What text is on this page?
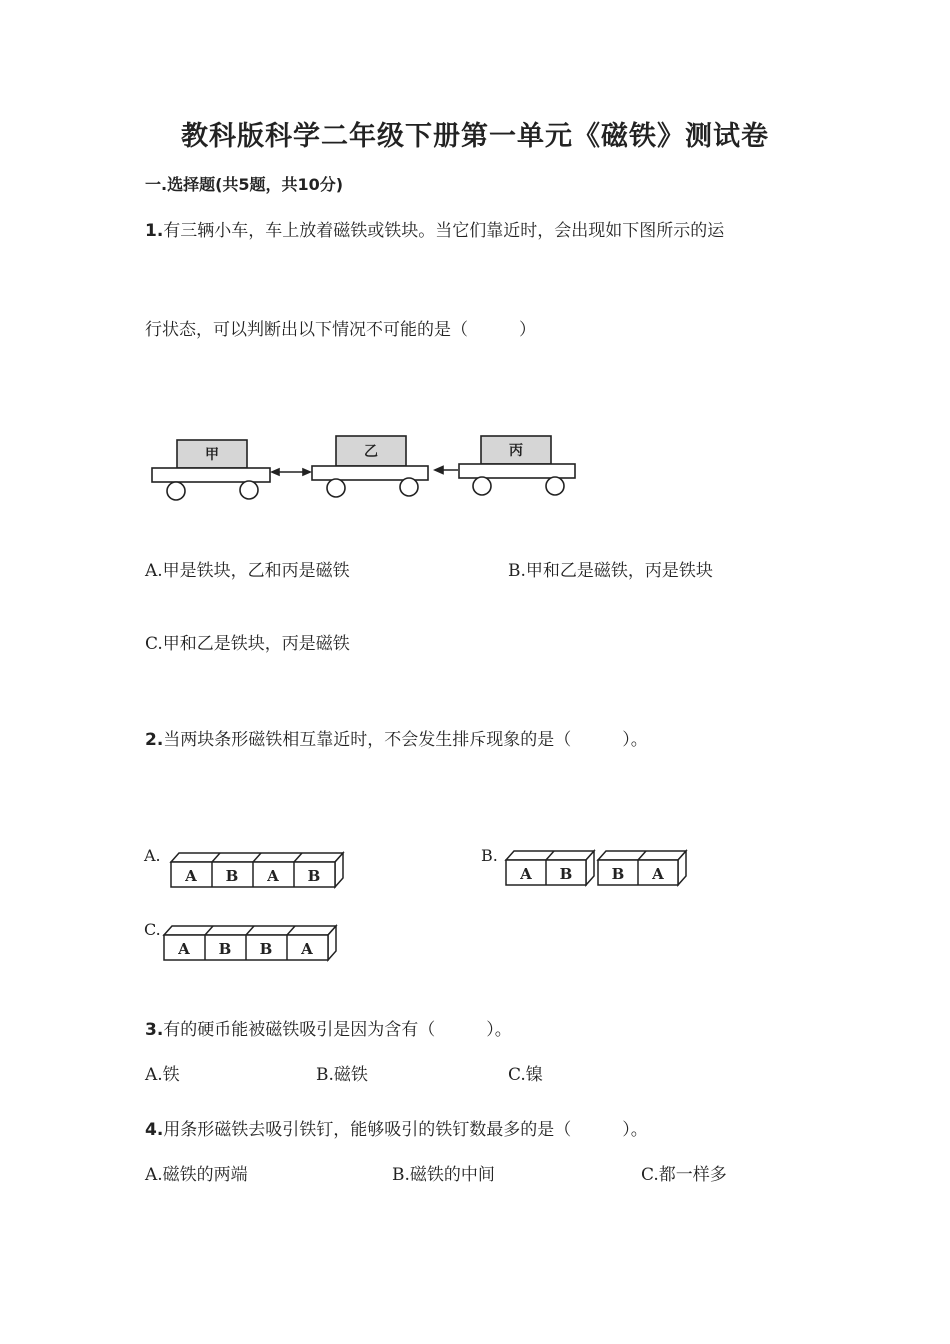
教科版科学二年级下册第一单元《磁铁》测试卷
一.选择题(共5题，共10分)
1.有三辆小车，车上放着磁铁或铁块。当它们靠近时，会出现如下图所示的运
行状态，可以判断出以下情况不可能的是（　　　）
甲	乙	丙
A.甲是铁块，乙和丙是磁铁	B.甲和乙是磁铁，丙是铁块
C.甲和乙是铁块，丙是磁铁
2.当两块条形磁铁相互靠近时，不会发生排斥现象的是（　　　）。
A.
A B A B
B.
A B	B A
C.
A B B A
3.有的硬币能被磁铁吸引是因为含有（　　　）。
A.铁	B.磁铁	C.镍
4.用条形磁铁去吸引铁钉，能够吸引的铁钉数最多的是（　　　）。
A.磁铁的两端	B.磁铁的中间	C.都一样多
